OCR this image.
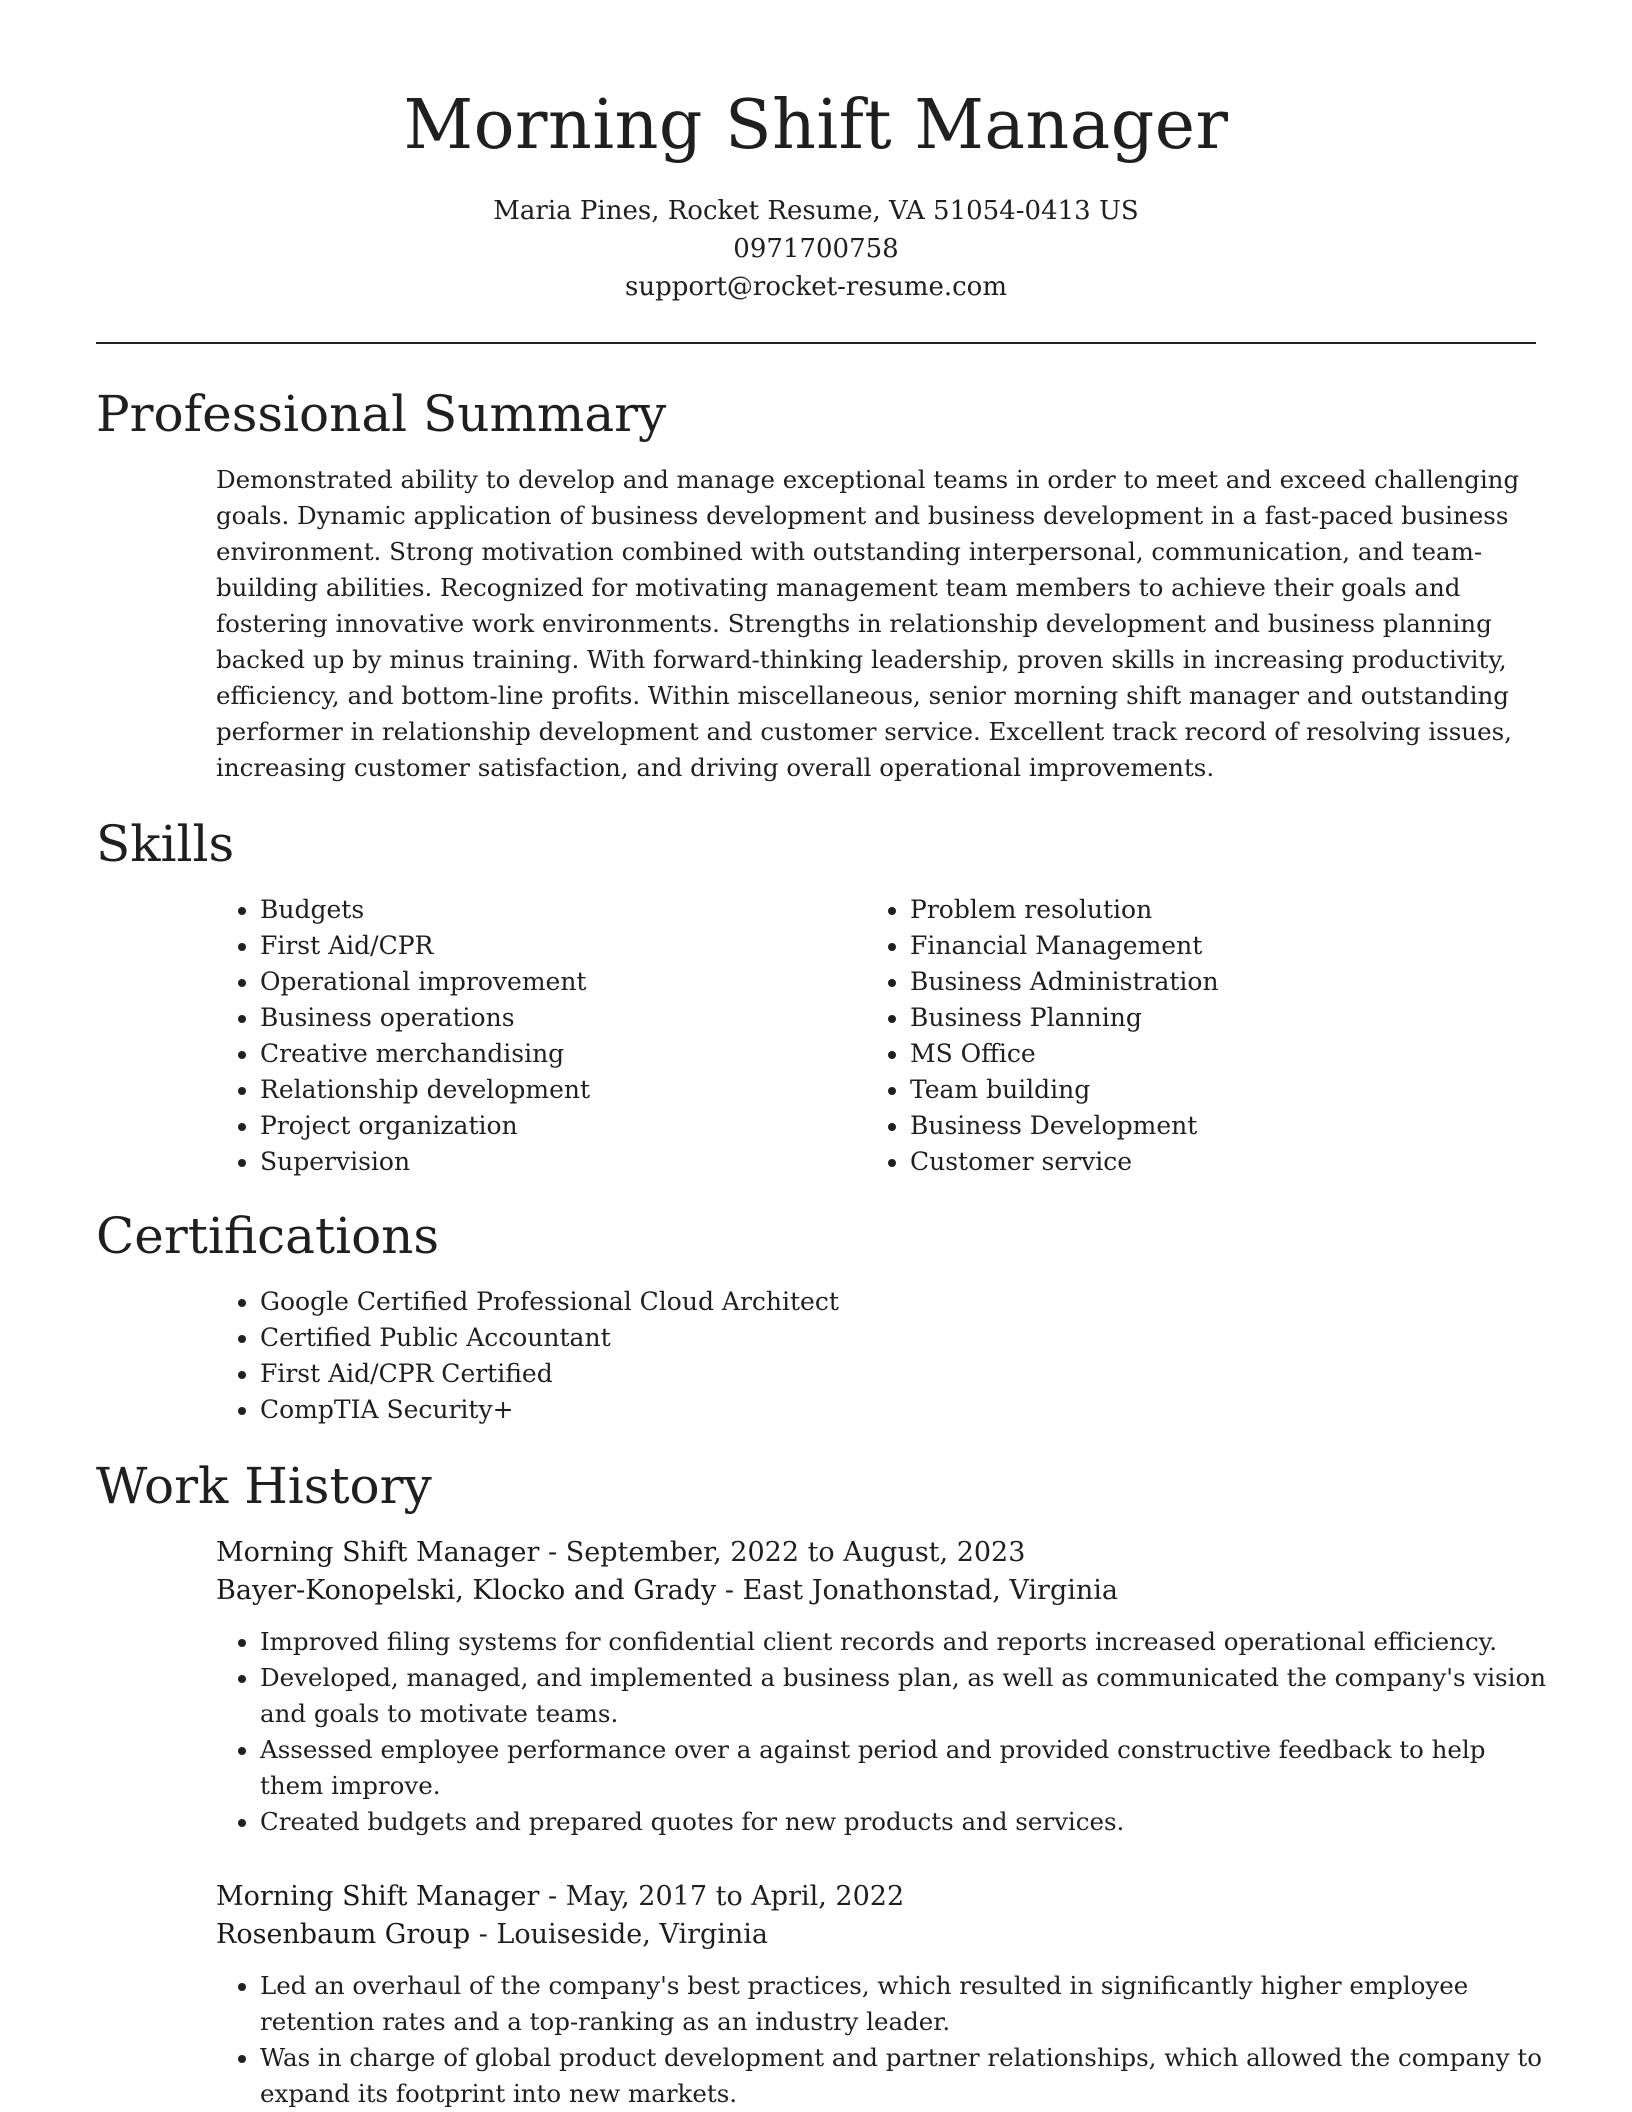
Morning Shift Manager
Maria Pines, Rocket Resume, VA 51054-0413 US
0971700758
support@rocket-resume.com
Professional Summary

Demonstrated ability to develop and manage exceptional teams in order to meet and exceed challenging goals. Dynamic application of business development and business development in a fast-paced business environment. Strong motivation combined with outstanding interpersonal, communication, and team-building abilities. Recognized for motivating management team members to achieve their goals and fostering innovative work environments. Strengths in relationship development and business planning backed up by minus training. With forward-thinking leadership, proven skills in increasing productivity, efficiency, and bottom-line profits. Within miscellaneous, senior morning shift manager and outstanding performer in relationship development and customer service. Excellent track record of resolving issues, increasing customer satisfaction, and driving overall operational improvements.

Skills
• Budgets
• First Aid/CPR
• Operational improvement
• Business operations
• Creative merchandising
• Relationship development
• Project organization
• Supervision
• Problem resolution
• Financial Management
• Business Administration
• Business Planning
• MS Office
• Team building
• Business Development
• Customer service
Certifications
• Google Certified Professional Cloud Architect
• Certified Public Accountant
• First Aid/CPR Certified
• CompTIA Security+
Work History

Morning Shift Manager - September, 2022 to August, 2023

Bayer-Konopelski, Klocko and Grady - East Jonathonstad, Virginia

• Improved filing systems for confidential client records and reports increased operational efficiency.
• Developed, managed, and implemented a business plan, as well as communicated the company's vision and goals to motivate teams.
• Assessed employee performance over a against period and provided constructive feedback to help them improve.
• Created budgets and prepared quotes for new products and services.

Morning Shift Manager - May, 2017 to April, 2022

Rosenbaum Group - Louiseside, Virginia

• Led an overhaul of the company's best practices, which resulted in significantly higher employee retention rates and a top-ranking as an industry leader.
• Was in charge of global product development and partner relationships, which allowed the company to expand its footprint into new markets.
